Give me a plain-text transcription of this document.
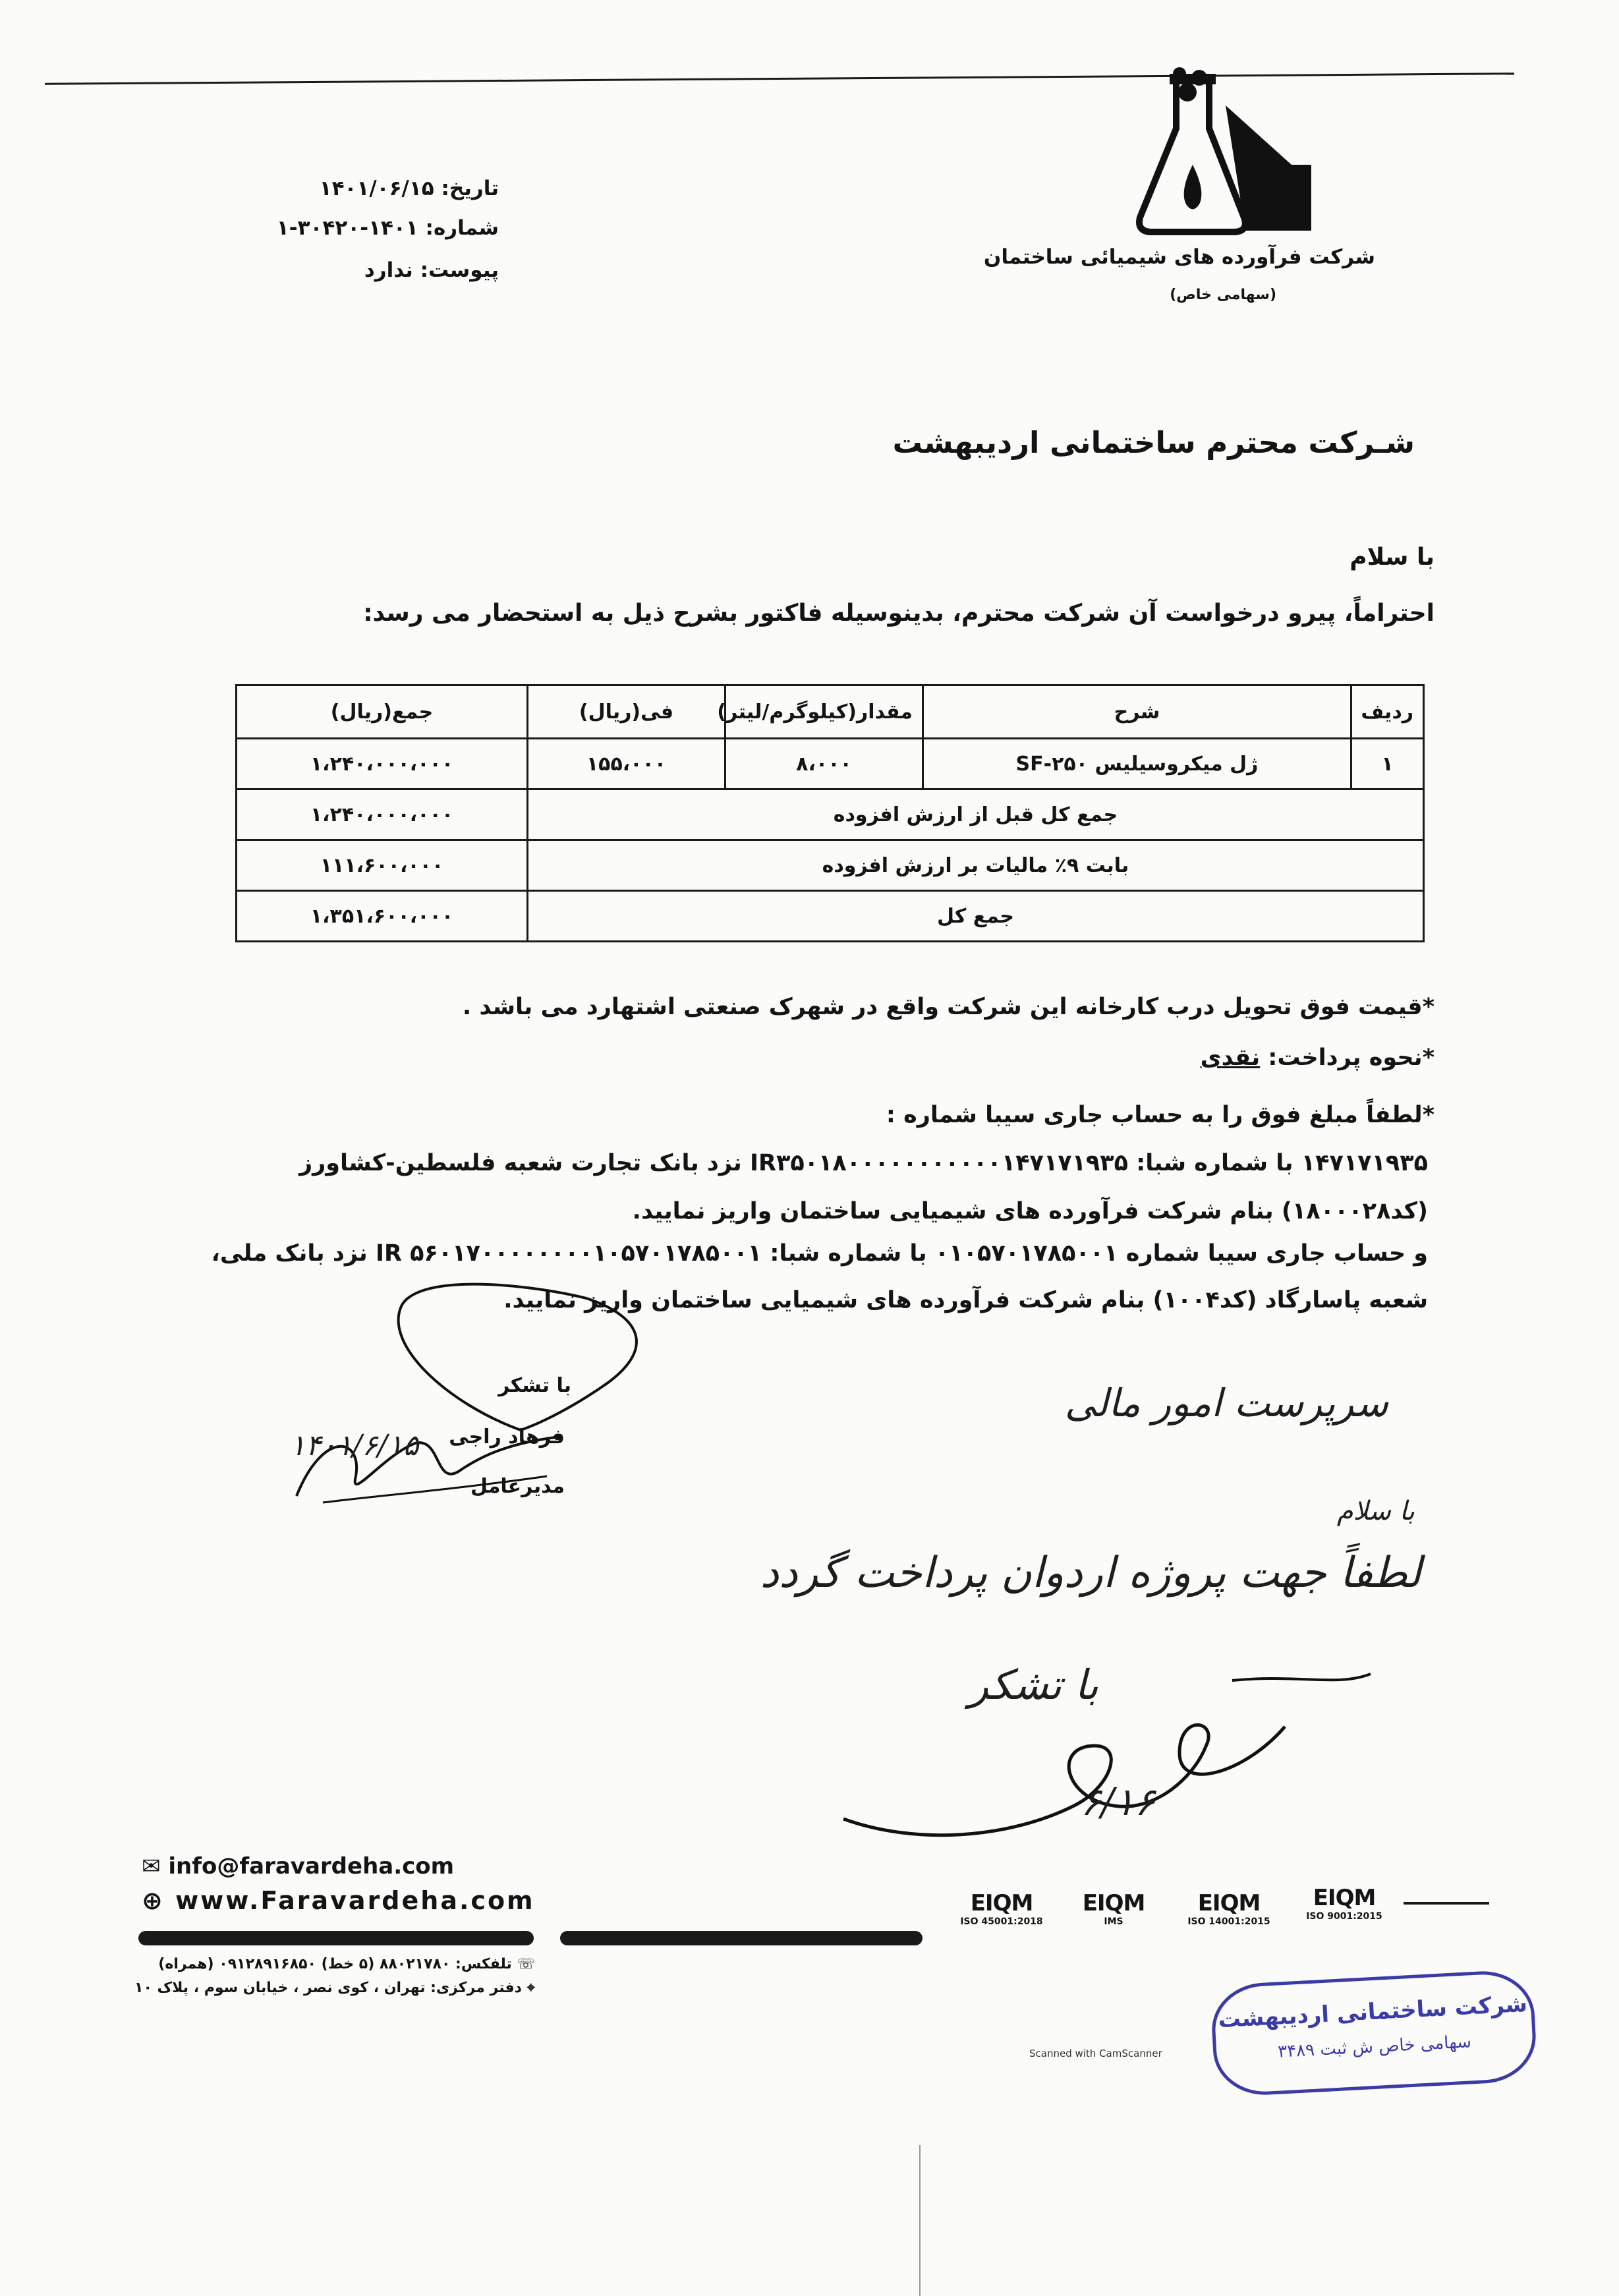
تاریخ: ۱۴۰۱/۰۶/۱۵
شماره: ۱۴۰۱-۳۰۴۲۰-۱
پیوست: ندارد
شرکت فرآورده های شیمیائی ساختمان
(سهامی خاص)
شـرکت محترم ساختمانی اردیبهشت
با سلام
احتراماً، پیرو درخواست آن شرکت محترم، بدینوسیله فاکتور بشرح ذیل به استحضار می رسد:
ردیف	شرح	مقدار(کیلوگرم/لیتر)	فی(ریال)	جمع(ریال)
۱	ژل میکروسیلیس ۲۵۰-SF	۸،۰۰۰	۱۵۵،۰۰۰	۱،۲۴۰،۰۰۰،۰۰۰
جمع کل قبل از ارزش افزوده				۱،۲۴۰،۰۰۰،۰۰۰
بابت ۹٪ مالیات بر ارزش افزوده				۱۱۱،۶۰۰،۰۰۰
جمع کل				۱،۳۵۱،۶۰۰،۰۰۰
*قیمت فوق تحویل درب کارخانه این شرکت واقع در شهرک صنعتی اشتهارد می باشد .
*نحوه پرداخت: نقدی
*لطفاً مبلغ فوق را به حساب جاری سیبا شماره :
۱۴۷۱۷۱۹۳۵ با شماره شبا: IR۳۵۰۱۸۰۰۰۰۰۰۰۰۰۰۰۱۴۷۱۷۱۹۳۵ نزد بانک تجارت شعبه فلسطین-کشاورز
(کد۱۸۰۰۰۲۸) بنام شرکت فرآورده های شیمیایی ساختمان واریز نمایید.
و حساب جاری سیبا شماره ۰۱۰۵۷۰۱۷۸۵۰۰۱ با شماره شبا: IR ۵۶۰۱۷۰۰۰۰۰۰۰۰۱۰۵۷۰۱۷۸۵۰۰۱ نزد بانک ملی،
شعبه پاسارگاد (کد۱۰۰۴) بنام شرکت فرآورده های شیمیایی ساختمان واریز نمایید.
با تشکر
فرهاد راجی
مدیرعامل
۱۴۰۱/۶/۱۵
سرپرست امور مالی
با سلام
لطفاً جهت پروژه اردوان پرداخت گردد
با تشکر
۶/۱۶
✉ info@faravardeha.com
⊕ www.Faravardeha.com	EIQM
ISO 45001:2018
EIQM
IMS
EIQM
ISO 14001:2015
EIQM
ISO 9001:2015
☏ تلفکس: ۸۸۰۲۱۷۸۰ (۵ خط) ۰۹۱۲۸۹۱۶۸۵۰ (همراه)
⌖ دفتر مرکزی: تهران ، کوی نصر ، خیابان سوم ، پلاک ۱۰
Scanned with CamScanner
شرکت ساختمانی اردیبهشت
سهامی خاص ش ثبت ۳۴۸۹
